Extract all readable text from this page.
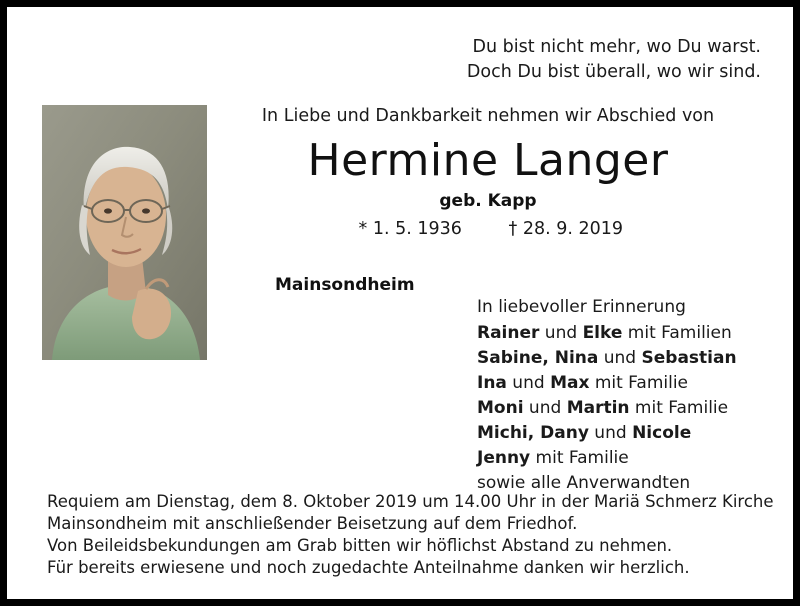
Du bist nicht mehr, wo Du warst.
Doch Du bist überall, wo wir sind.
In Liebe und Dankbarkeit nehmen wir Abschied von
Hermine Langer
geb. Kapp
* 1. 5. 1936	† 28. 9. 2019
Mainsondheim
In liebevoller Erinnerung
Rainer und Elke mit Familien
Sabine, Nina und Sebastian
Ina und Max mit Familie
Moni und Martin mit Familie
Michi, Dany und Nicole
Jenny mit Familie
sowie alle Anverwandten
Requiem am Dienstag, dem 8. Oktober 2019 um 14.00 Uhr in der Mariä Schmerz Kirche
Mainsondheim mit anschließender Beisetzung auf dem Friedhof.
Von Beileidsbekundungen am Grab bitten wir höflichst Abstand zu nehmen.
Für bereits erwiesene und noch zugedachte Anteilnahme danken wir herzlich.
